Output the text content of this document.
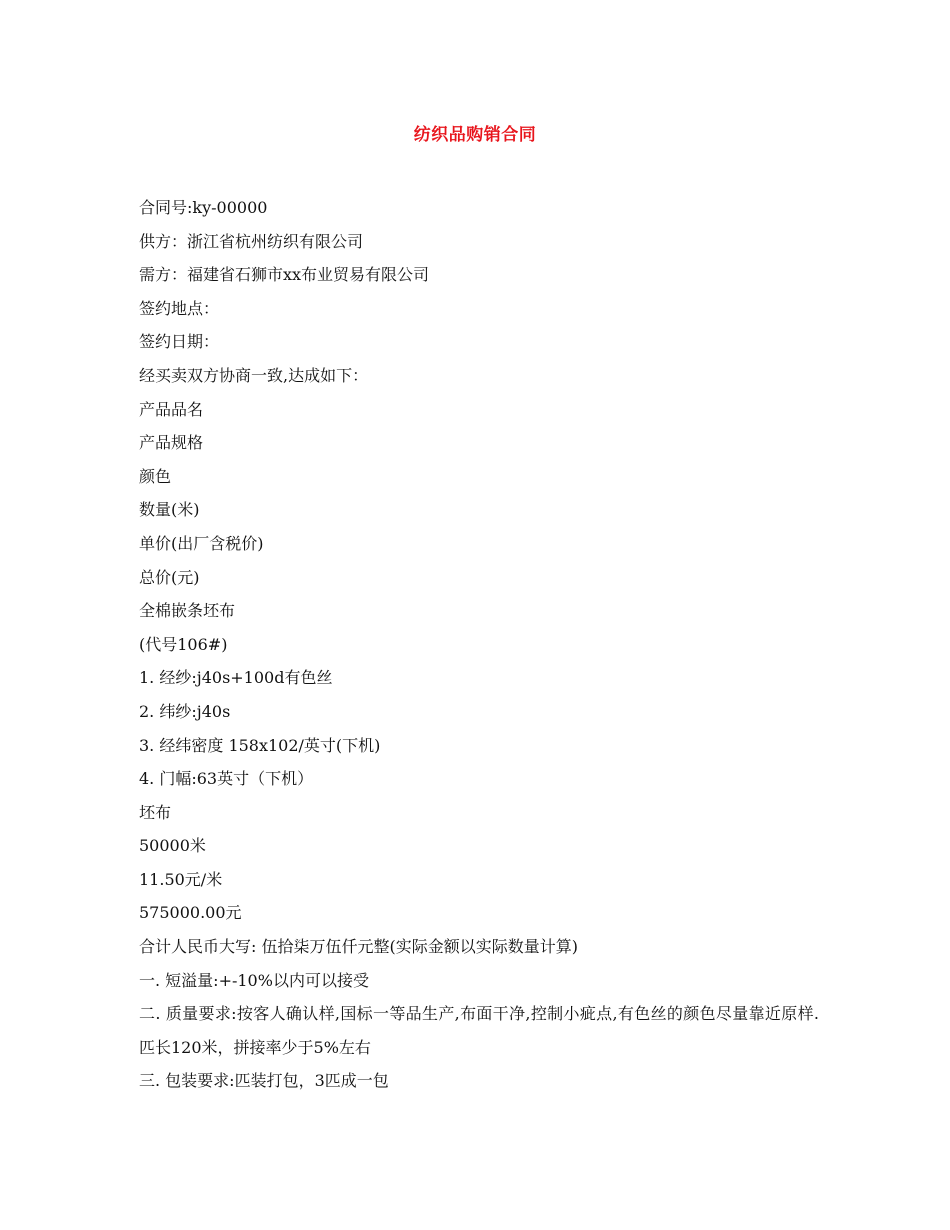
纺织品购销合同
合同号:ky-00000
供方：浙江省杭州纺织有限公司
需方：福建省石狮市xx布业贸易有限公司
签约地点：
签约日期：
经买卖双方协商一致,达成如下：
产品品名
产品规格
颜色
数量(米)
单价(出厂含税价)
总价(元)
全棉嵌条坯布
(代号106#)
1. 经纱:j40s+100d有色丝
2. 纬纱:j40s
3. 经纬密度 158x102/英寸(下机)
4. 门幅:63英寸（下机）
坯布
50000米
11.50元/米
575000.00元
合计人民币大写: 伍拾柒万伍仟元整(实际金额以实际数量计算)
一. 短溢量:+-10%以内可以接受
二. 质量要求:按客人确认样,国标一等品生产,布面干净,控制小疵点,有色丝的颜色尽量靠近原样.匹长120米，拼接率少于5%左右
三. 包装要求:匹装打包，3匹成一包
